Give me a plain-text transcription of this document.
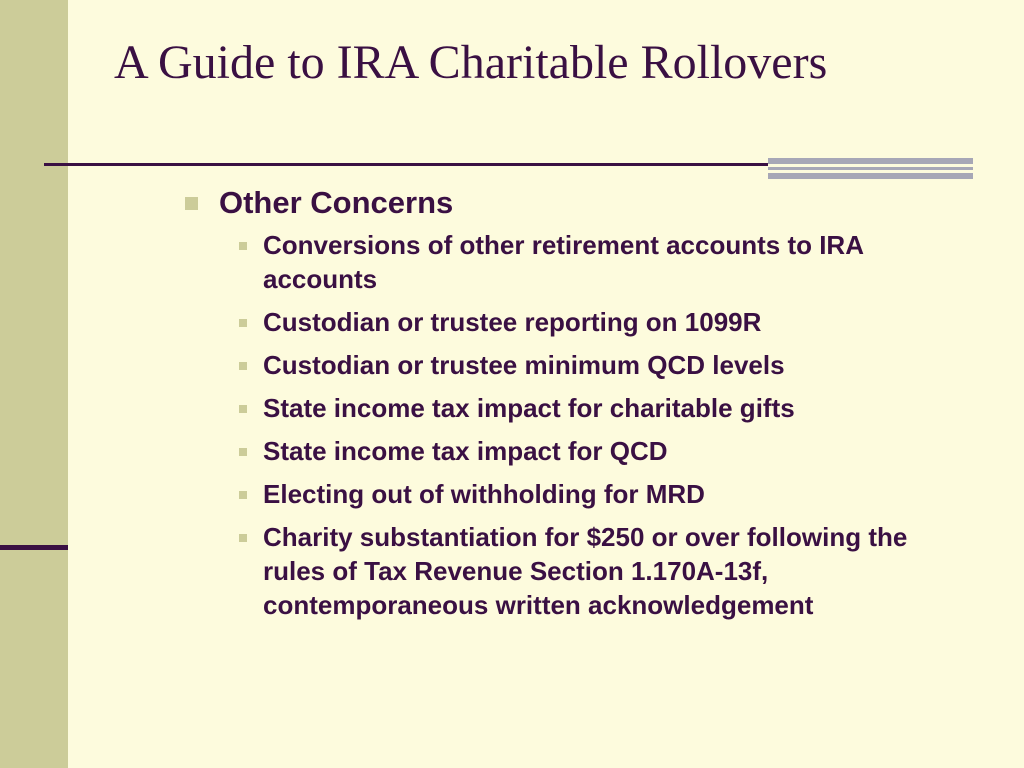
A Guide to IRA Charitable Rollovers
Other Concerns
Conversions of other retirement accounts to IRA accounts
Custodian or trustee reporting on 1099R
Custodian or trustee minimum QCD levels
State income tax impact for charitable gifts
State income tax impact for QCD
Electing out of withholding for MRD
Charity substantiation for $250 or over following the rules of Tax Revenue Section 1.170A-13f, contemporaneous written acknowledgement
